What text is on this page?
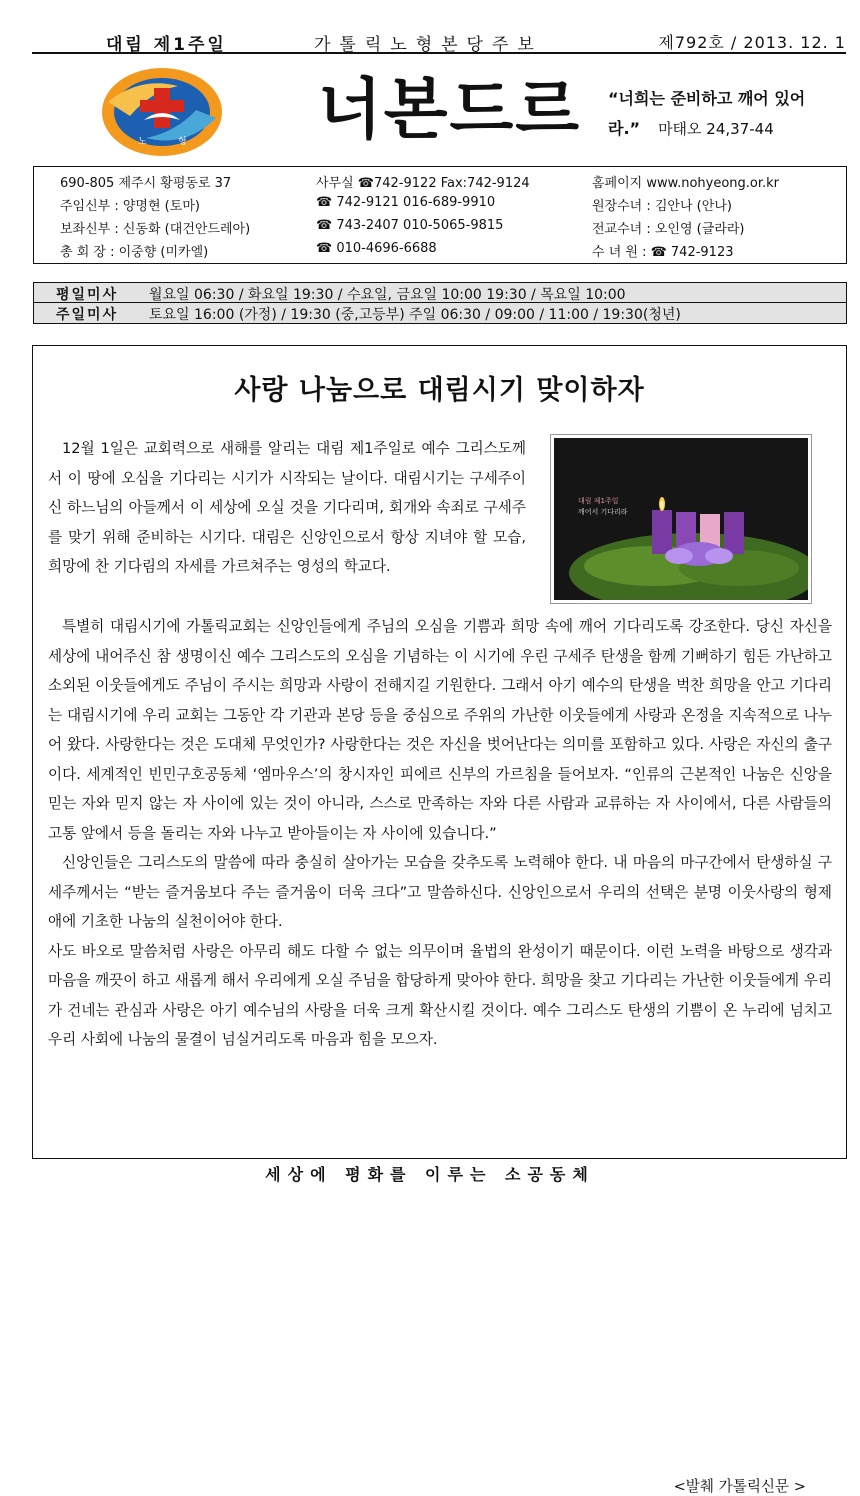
대림 제1주일	가톨릭노형본당주보	제792호 / 2013. 12. 1
노	형 너본드르 “너희는 준비하고 깨어 있어라.” 마태오 24,37-44
690-805 제주시 황평동로 37	사무실 ☎742-9122 Fax:742-9124	홈페이지 www.nohyeong.or.kr
주임신부 : 양명현 (토마)	☎ 742-9121 016-689-9910	원장수녀 : 김안나 (안나)
보좌신부 : 신동화 (대건안드레아)	☎ 743-2407 010-5065-9815	전교수녀 : 오인영 (글라라)
총 회 장 : 이중향 (미카엘)	☎ 010-4696-6688	수 녀 원 : ☎ 742-9123
평일미사 월요일 06:30 / 화요일 19:30 / 수요일, 금요일 10:00 19:30 / 목요일 10:00
주일미사 토요일 16:00 (가정) / 19:30 (중,고등부) 주일 06:30 / 09:00 / 11:00 / 19:30(청년)
사랑 나눔으로 대림시기 맞이하자

12월 1일은 교회력으로 새해를 알리는 대림 제1주일로 예수 그리스도께서 이 땅에 오심을 기다리는 시기가 시작되는 날이다. 대림시기는 구세주이신 하느님의 아들께서 이 세상에 오실 것을 기다리며, 회개와 속죄로 구세주를 맞기 위해 준비하는 시기다. 대림은 신앙인으로서 항상 지녀야 할 모습, 희망에 찬 기다림의 자세를 가르쳐주는 영성의 학교다.

특별히 대림시기에 가톨릭교회는 신앙인들에게 주님의 오심을 기쁨과 희망 속에 깨어 기다리도록 강조한다. 당신 자신을 세상에 내어주신 참 생명이신 예수 그리스도의 오심을 기념하는 이 시기에 우린 구세주 탄생을 함께 기뻐하기 힘든 가난하고 소외된 이웃들에게도 주님이 주시는 희망과 사랑이 전해지길 기원한다. 그래서 아기 예수의 탄생을 벅찬 희망을 안고 기다리는 대림시기에 우리 교회는 그동안 각 기관과 본당 등을 중심으로 주위의 가난한 이웃들에게 사랑과 온정을 지속적으로 나누어 왔다. 사랑한다는 것은 도대체 무엇인가? 사랑한다는 것은 자신을 벗어난다는 의미를 포함하고 있다. 사랑은 자신의 출구이다. 세계적인 빈민구호공동체 ‘엠마우스’의 창시자인 피에르 신부의 가르침을 들어보자. “인류의 근본적인 나눔은 신앙을 믿는 자와 믿지 않는 자 사이에 있는 것이 아니라, 스스로 만족하는 자와 다른 사람과 교류하는 자 사이에서, 다른 사람들의 고통 앞에서 등을 돌리는 자와 나누고 받아들이는 자 사이에 있습니다.”

신앙인들은 그리스도의 말씀에 따라 충실히 살아가는 모습을 갖추도록 노력해야 한다. 내 마음의 마구간에서 탄생하실 구세주께서는 “받는 즐거움보다 주는 즐거움이 더욱 크다”고 말씀하신다. 신앙인으로서 우리의 선택은 분명 이웃사랑의 형제애에 기초한 나눔의 실천이어야 한다.

사도 바오로 말씀처럼 사랑은 아무리 해도 다할 수 없는 의무이며 율법의 완성이기 때문이다. 이런 노력을 바탕으로 생각과 마음을 깨끗이 하고 새롭게 해서 우리에게 오실 주님을 합당하게 맞아야 한다. 희망을 찾고 기다리는 가난한 이웃들에게 우리가 건네는 관심과 사랑은 아기 예수님의 사랑을 더욱 크게 확산시킬 것이다. 예수 그리스도 탄생의 기쁨이 온 누리에 넘치고 우리 사회에 나눔의 물결이 넘실거리도록 마음과 힘을 모으자.

<발췌 가톨릭신문 >
대림 제1주일
깨어서 기다리라
세상에 평화를 이루는 소공동체
